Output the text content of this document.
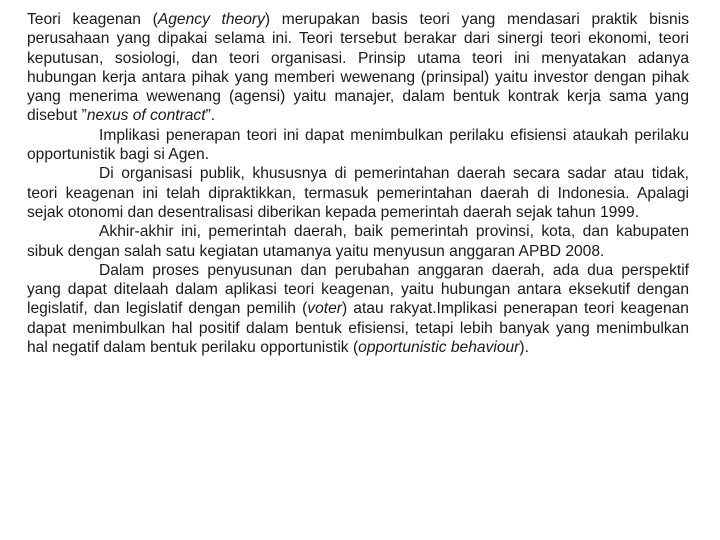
Teori keagenan (Agency theory) merupakan basis teori yang mendasari praktik bisnis perusahaan yang dipakai selama ini. Teori tersebut berakar dari sinergi teori ekonomi, teori keputusan, sosiologi, dan teori organisasi. Prinsip utama teori ini menyatakan adanya hubungan kerja antara pihak yang memberi wewenang (prinsipal) yaitu investor dengan pihak yang menerima wewenang (agensi) yaitu manajer, dalam bentuk kontrak kerja sama yang disebut ”nexus of contract”.

Implikasi penerapan teori ini dapat menimbulkan perilaku efisiensi ataukah perilaku opportunistik bagi si Agen.

Di organisasi publik, khususnya di pemerintahan daerah secara sadar atau tidak, teori keagenan ini telah dipraktikkan, termasuk pemerintahan daerah di Indonesia. Apalagi sejak otonomi dan desentralisasi diberikan kepada pemerintah daerah sejak tahun 1999.

Akhir-akhir ini, pemerintah daerah, baik pemerintah provinsi, kota, dan kabupaten sibuk dengan salah satu kegiatan utamanya yaitu menyusun anggaran APBD 2008.

Dalam proses penyusunan dan perubahan anggaran daerah, ada dua perspektif yang dapat ditelaah dalam aplikasi teori keagenan, yaitu hubungan antara eksekutif dengan legislatif, dan legislatif dengan pemilih (voter) atau rakyat.Implikasi penerapan teori keagenan dapat menimbulkan hal positif dalam bentuk efisiensi, tetapi lebih banyak yang menimbulkan hal negatif dalam bentuk perilaku opportunistik (opportunistic behaviour).
